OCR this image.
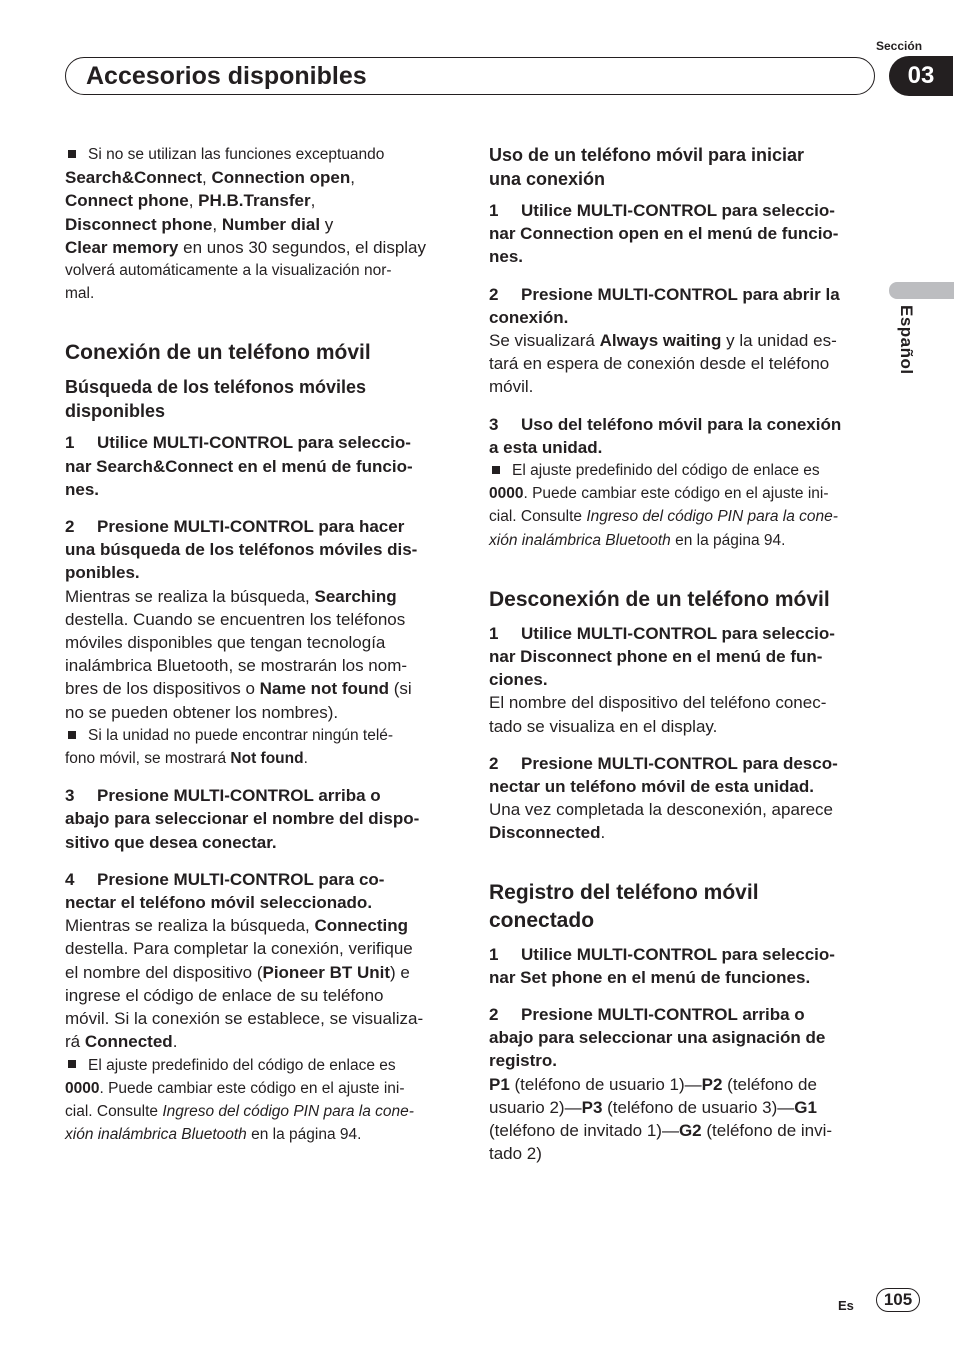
Accesorios disponibles
Sección
03
Español

Si no se utilizan las funciones exceptuando

Search&Connect, Connection open,
Connect phone, PH.B.Transfer,
Disconnect phone, Number dial y
Clear memory en unos 30 segundos, el display

volverá automáticamente a la visualización nor-
mal.

Conexión de un teléfono móvil
Búsqueda de los teléfonos móviles
disponibles

1 Utilice MULTI-CONTROL para seleccio-
nar Search&Connect en el menú de funcio-
nes.

2 Presione MULTI-CONTROL para hacer
una búsqueda de los teléfonos móviles dis-
ponibles.

Mientras se realiza la búsqueda, Searching
destella. Cuando se encuentren los teléfonos
móviles disponibles que tengan tecnología
inalámbrica Bluetooth, se mostrarán los nom-
bres de los dispositivos o Name not found (si
no se pueden obtener los nombres).

Si la unidad no puede encontrar ningún telé-
fono móvil, se mostrará Not found.

3 Presione MULTI-CONTROL arriba o
abajo para seleccionar el nombre del dispo-
sitivo que desea conectar.

4 Presione MULTI-CONTROL para co-
nectar el teléfono móvil seleccionado.

Mientras se realiza la búsqueda, Connecting
destella. Para completar la conexión, verifique
el nombre del dispositivo (Pioneer BT Unit) e
ingrese el código de enlace de su teléfono
móvil. Si la conexión se establece, se visualiza-
rá Connected.

El ajuste predefinido del código de enlace es
0000. Puede cambiar este código en el ajuste ini-
cial. Consulte Ingreso del código PIN para la cone-
xión inalámbrica Bluetooth en la página 94.

Uso de un teléfono móvil para iniciar
una conexión

1 Utilice MULTI-CONTROL para seleccio-
nar Connection open en el menú de funcio-
nes.

2 Presione MULTI-CONTROL para abrir la
conexión.

Se visualizará Always waiting y la unidad es-
tará en espera de conexión desde el teléfono
móvil.

3 Uso del teléfono móvil para la conexión
a esta unidad.

El ajuste predefinido del código de enlace es
0000. Puede cambiar este código en el ajuste ini-
cial. Consulte Ingreso del código PIN para la cone-
xión inalámbrica Bluetooth en la página 94.

Desconexión de un teléfono móvil

1 Utilice MULTI-CONTROL para seleccio-
nar Disconnect phone en el menú de fun-
ciones.

El nombre del dispositivo del teléfono conec-
tado se visualiza en el display.

2 Presione MULTI-CONTROL para desco-
nectar un teléfono móvil de esta unidad.

Una vez completada la desconexión, aparece
Disconnected.

Registro del teléfono móvil
conectado

1 Utilice MULTI-CONTROL para seleccio-
nar Set phone en el menú de funciones.

2 Presione MULTI-CONTROL arriba o
abajo para seleccionar una asignación de
registro.

P1 (teléfono de usuario 1)—P2 (teléfono de
usuario 2)—P3 (teléfono de usuario 3)—G1
(teléfono de invitado 1)—G2 (teléfono de invi-
tado 2)

Es	105
